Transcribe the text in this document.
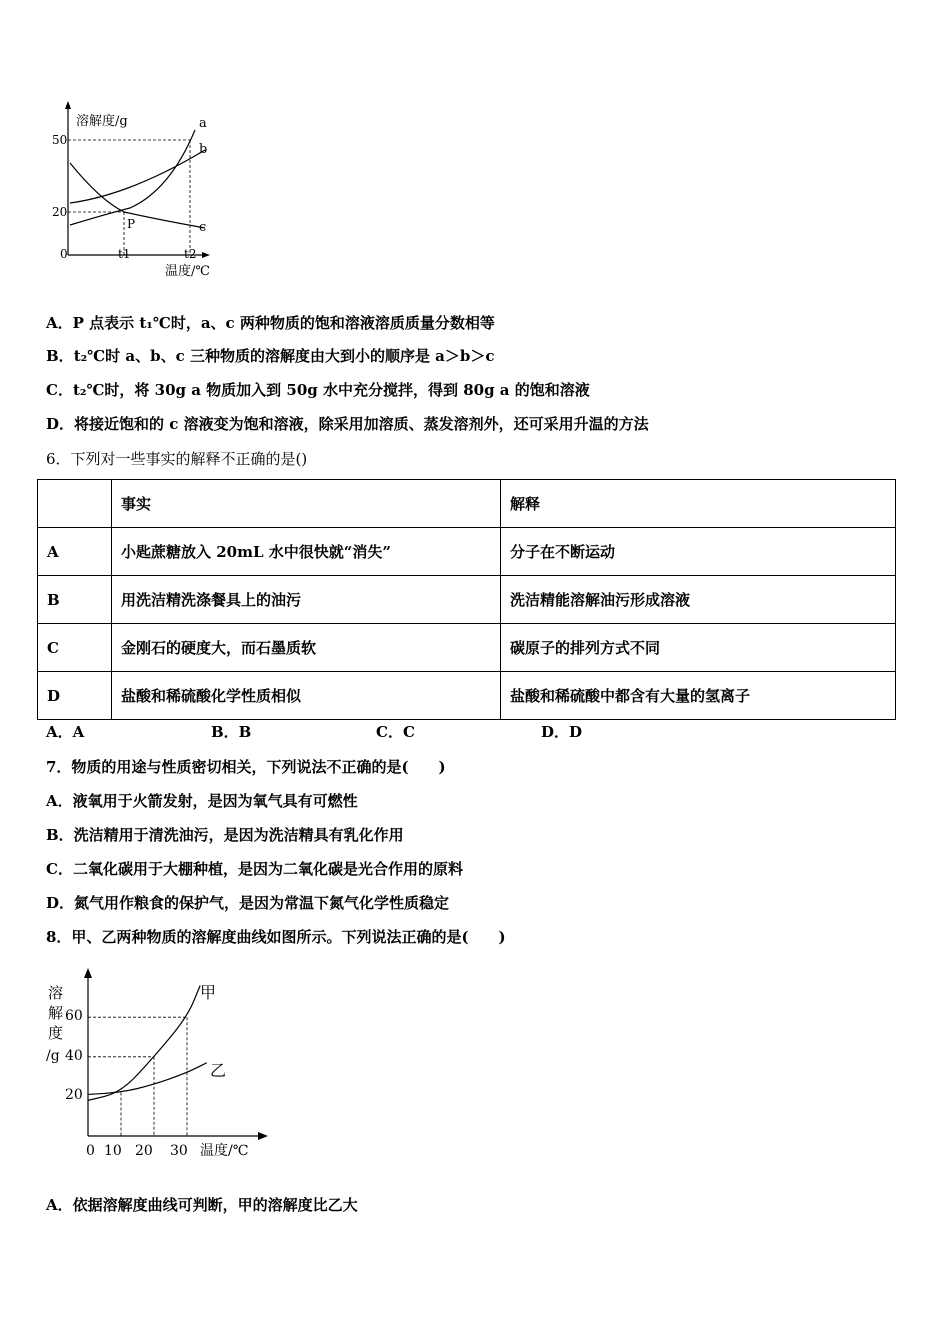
溶解度/g
50
20
0	t1	t2
温度/℃
P
a
b
c
A．P 点表示 t₁℃时，a、c 两种物质的饱和溶液溶质质量分数相等
B．t₂℃时 a、b、c 三种物质的溶解度由大到小的顺序是 a＞b＞c
C．t₂℃时，将 30g a 物质加入到 50g 水中充分搅拌，得到 80g a 的饱和溶液
D．将接近饱和的 c 溶液变为饱和溶液，除采用加溶质、蒸发溶剂外，还可采用升温的方法
6．下列对一些事实的解释不正确的是()
	事实	解释
A	小匙蔗糖放入 20mL 水中很快就“消失”	分子在不断运动
B	用洗洁精洗涤餐具上的油污	洗洁精能溶解油污形成溶液
C	金刚石的硬度大，而石墨质软	碳原子的排列方式不同
D	盐酸和稀硫酸化学性质相似	盐酸和稀硫酸中都含有大量的氢离子
A．A	B．B	C．C	D．D
7．物质的用途与性质密切相关，下列说法不正确的是(　　)
A．液氧用于火箭发射，是因为氧气具有可燃性
B．洗洁精用于清洗油污，是因为洗洁精具有乳化作用
C．二氧化碳用于大棚种植，是因为二氧化碳是光合作用的原料
D．氮气用作粮食的保护气，是因为常温下氮气化学性质稳定
8．甲、乙两种物质的溶解度曲线如图所示。下列说法正确的是(　　)
溶
解
度
/g
60
40
20
0 10 20 30 温度/℃
甲
乙
A．依据溶解度曲线可判断，甲的溶解度比乙大
